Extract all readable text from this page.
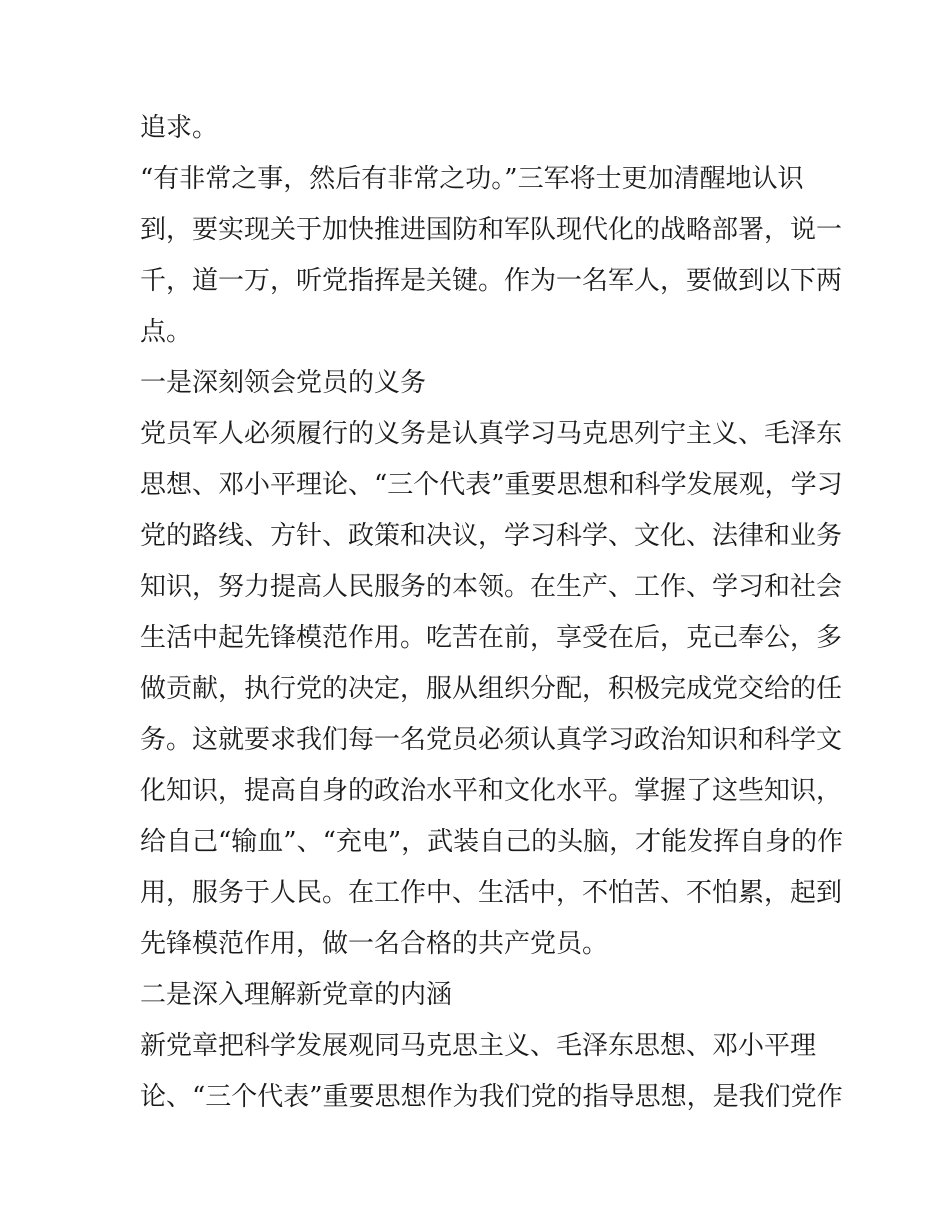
追求。

“有非常之事，然后有非常之功。”三军将士更加清醒地认识

到，要实现关于加快推进国防和军队现代化的战略部署，说一

千，道一万，听党指挥是关键。作为一名军人，要做到以下两

点。

一是深刻领会党员的义务

党员军人必须履行的义务是认真学习马克思列宁主义、毛泽东

思想、邓小平理论、“三个代表”重要思想和科学发展观，学习

党的路线、方针、政策和决议，学习科学、文化、法律和业务

知识，努力提高人民服务的本领。在生产、工作、学习和社会

生活中起先锋模范作用。吃苦在前，享受在后，克己奉公，多

做贡献，执行党的决定，服从组织分配，积极完成党交给的任

务。这就要求我们每一名党员必须认真学习政治知识和科学文

化知识，提高自身的政治水平和文化水平。掌握了这些知识，

给自己“输血”、“充电”，武装自己的头脑，才能发挥自身的作

用，服务于人民。在工作中、生活中，不怕苦、不怕累，起到

先锋模范作用，做一名合格的共产党员。

二是深入理解新党章的内涵

新党章把科学发展观同马克思主义、毛泽东思想、邓小平理

论、“三个代表”重要思想作为我们党的指导思想，是我们党作
